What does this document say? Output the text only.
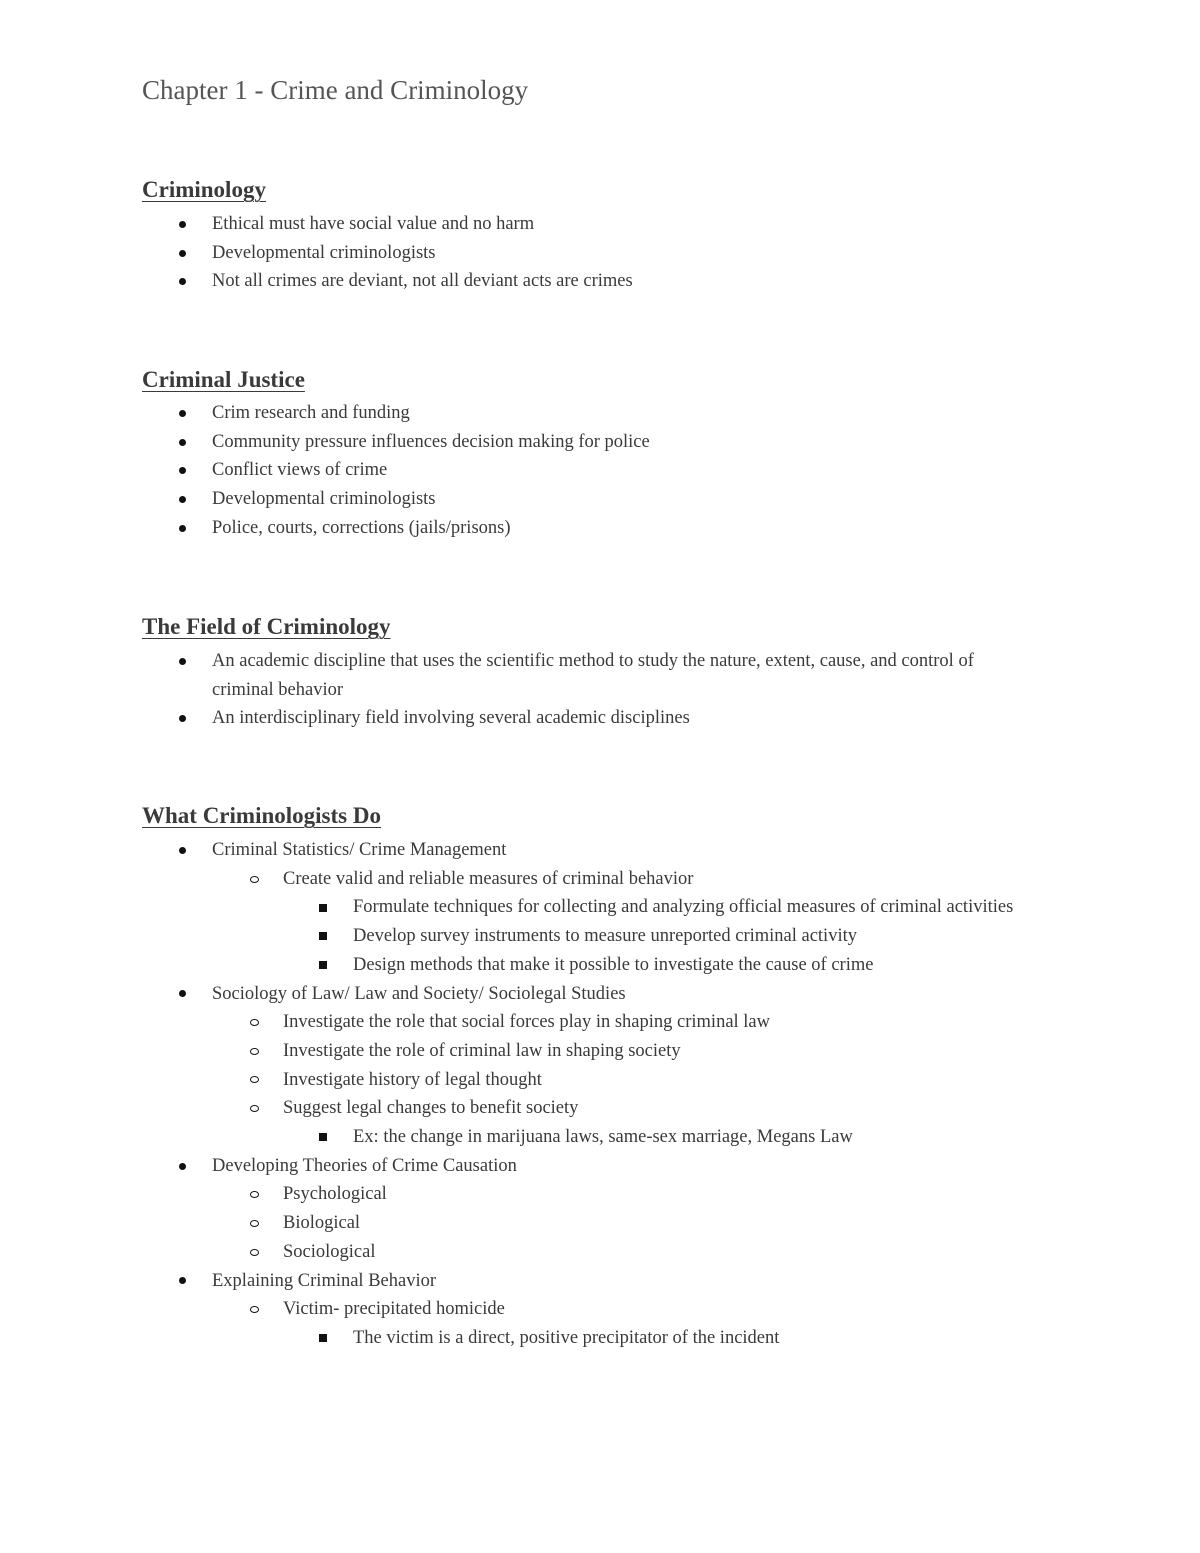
Chapter 1 - Crime and Criminology
Criminology
Ethical must have social value and no harm
Developmental criminologists
Not all crimes are deviant, not all deviant acts are crimes
Criminal Justice
Crim research and funding
Community pressure influences decision making for police
Conflict views of crime
Developmental criminologists
Police, courts, corrections (jails/prisons)
The Field of Criminology
An academic discipline that uses the scientific method to study the nature, extent, cause, and control of criminal behavior
An interdisciplinary field involving several academic disciplines
What Criminologists Do
Criminal Statistics/ Crime Management
Create valid and reliable measures of criminal behavior
Formulate techniques for collecting and analyzing official measures of criminal activities
Develop survey instruments to measure unreported criminal activity
Design methods that make it possible to investigate the cause of crime
Sociology of Law/ Law and Society/ Sociolegal Studies
Investigate the role that social forces play in shaping criminal law
Investigate the role of criminal law in shaping society
Investigate history of legal thought
Suggest legal changes to benefit society
Ex: the change in marijuana laws, same-sex marriage, Megans Law
Developing Theories of Crime Causation
Psychological
Biological
Sociological
Explaining Criminal Behavior
Victim- precipitated homicide
The victim is a direct, positive precipitator of the incident
